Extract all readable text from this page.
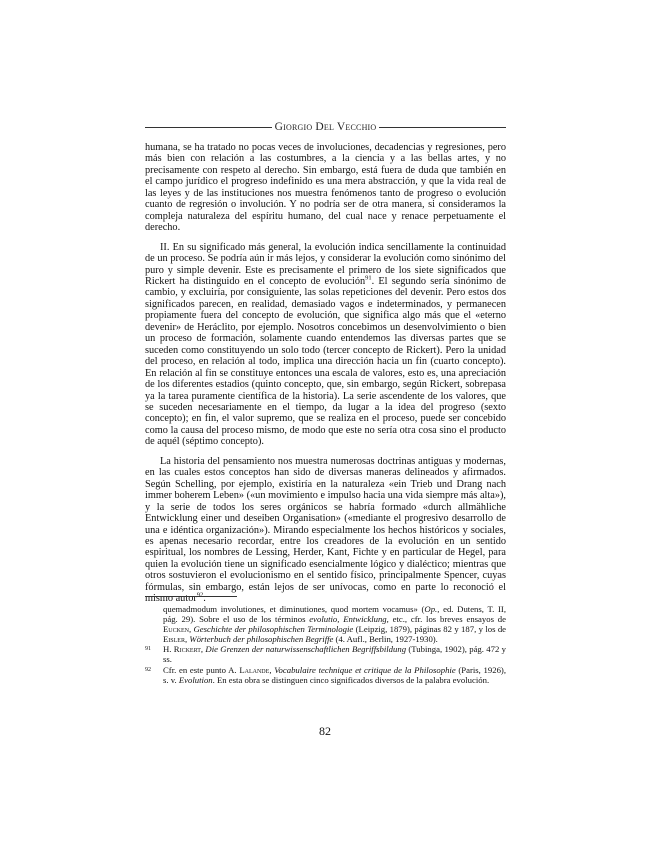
Giorgio Del Vecchio

humana, se ha tratado no pocas veces de involuciones, decadencias y regresiones, pero más bien con relación a las costumbres, a la ciencia y a las bellas artes, y no precisamente con respeto al derecho. Sin embargo, está fuera de duda que también en el campo jurídico el progreso indefinido es una mera abstracción, y que la vida real de las leyes y de las instituciones nos muestra fenómenos tanto de progreso o evolución cuanto de regresión o involución. Y no podría ser de otra manera, si consideramos la compleja naturaleza del espíritu humano, del cual nace y renace perpetuamente el derecho.

II. En su significado más general, la evolución indica sencillamente la continuidad de un proceso. Se podría aún ir más lejos, y considerar la evolución como sinónimo del puro y simple devenir. Este es precisamente el primero de los siete significados que Rickert ha distinguido en el concepto de evolución$^{91}$. El segundo sería sinónimo de cambio, y excluiría, por consiguiente, las solas repeticiones del devenir. Pero estos dos significados parecen, en realidad, demasiado vagos e indeterminados, y permanecen propiamente fuera del concepto de evolución, que significa algo más que el «eterno devenir» de Heráclito, por ejemplo. Nosotros concebimos un desenvolvimiento o bien un proceso de formación, solamente cuando entendemos las diversas partes que se suceden como constituyendo un solo todo (tercer concepto de Rickert). Pero la unidad del proceso, en relación al todo, implica una dirección hacia un fin (cuarto concepto). En relación al fin se constituye entonces una escala de valores, esto es, una apreciación de los diferentes estadios (quinto concepto, que, sin embargo, según Rickert, sobrepasa ya la tarea puramente científica de la historia). La serie ascendente de los valores, que se suceden necesariamente en el tiempo, da lugar a la idea del progreso (sexto concepto); en fin, el valor supremo, que se realiza en el proceso, puede ser concebido como la causa del proceso mismo, de modo que este no sería otra cosa sino el producto de aquél (séptimo concepto).

La historia del pensamiento nos muestra numerosas doctrinas antiguas y modernas, en las cuales estos conceptos han sido de diversas maneras delineados y afirmados. Según Schelling, por ejemplo, existiría en la naturaleza «ein Trieb und Drang nach immer boherem Leben» («un movimiento e impulso hacia una vida siempre más alta»), y la serie de todos los seres orgánicos se habría formado «durch allmähliche Entwicklung einer und deseiben Organisation» («mediante el progresivo desarrollo de una e idéntica organización»). Mirando especialmente los hechos históricos y sociales, es apenas necesario recordar, entre los creadores de la evolución en un sentido espiritual, los nombres de Lessing, Herder, Kant, Fichte y en particular de Hegel, para quien la evolución tiene un significado esencialmente lógico y dialéctico; mientras que otros sostuvieron el evolucionismo en el sentido físico, principalmente Spencer, cuyas fórmulas, sin embargo, están lejos de ser unívocas, como en parte lo reconoció el mismo autor$^{92}$.

quemadmodum involutiones, et diminutiones, quod mortem vocamus» (Op., ed. Dutens, T. II, pág. 29). Sobre el uso de los términos evolutio, Entwicklung, etc., cfr. los breves ensayos de Eucken, Geschichte der philosophischen Terminologie (Leipzig, 1879), páginas 82 y 187, y los de Eisler, Wörterbuch der philosophischen Begriffe (4. Aufl., Berlin, 1927-1930).

91 H. Rickert, Die Grenzen der naturwissenschaftlichen Begriffsbildung (Tubinga, 1902), pág. 472 y ss.

92 Cfr. en este punto A. Lalande, Vocabulaire technique et critique de la Philosophie (Paris, 1926), s. v. Evolution. En esta obra se distinguen cinco significados diversos de la palabra evolución.

82
